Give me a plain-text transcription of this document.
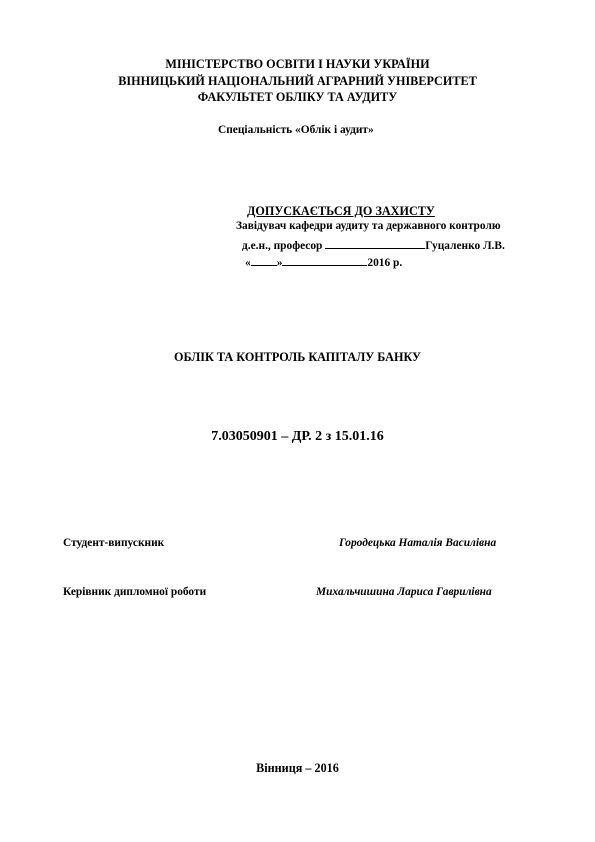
МІНІСТЕРСТВО ОСВІТИ І НАУКИ УКРАЇНИ
ВІННИЦЬКИЙ НАЦІОНАЛЬНИЙ АГРАРНИЙ УНІВЕРСИТЕТ
ФАКУЛЬТЕТ ОБЛІКУ ТА АУДИТУ
Спеціальність «Облік і аудит»
ДОПУСКАЄТЬСЯ ДО ЗАХИСТУ
Завідувач кафедри аудиту та державного контролю
д.е.н., професор	Гуцаленко Л.В.
« »	2016 р.
ОБЛІК ТА КОНТРОЛЬ КАПІТАЛУ БАНКУ
7.03050901 – ДР. 2 з 15.01.16
Студент-випускник	Городецька Наталія Василівна
Керівник дипломної роботи	Михальчишина Лариса Гаврилівна
Вінниця – 2016
